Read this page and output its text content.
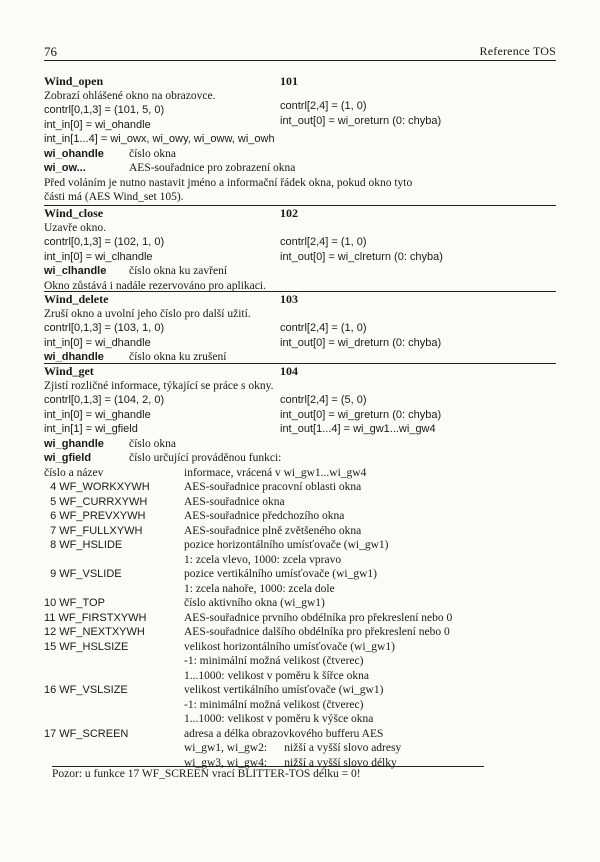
76	Reference TOS
Wind_open	101
Zobrazí ohlášené okno na obrazovce.
contrl[0,1,3] = (101, 5, 0)	contrl[2,4] = (1, 0)
int_in[0] = wi_ohandle	int_out[0] = wi_oreturn (0: chyba)
int_in[1...4] = wi_owx, wi_owy, wi_oww, wi_owh
wi_ohandle číslo okna
wi_ow...	AES-souřadnice pro zobrazení okna
Před voláním je nutno nastavit jméno a informační řádek okna, pokud okno tyto
části má (AES Wind_set 105).
Wind_close	102
Uzavře okno.
contrl[0,1,3] = (102, 1, 0)	contrl[2,4] = (1, 0)
int_in[0] = wi_clhandle	int_out[0] = wi_clreturn (0: chyba)
wi_clhandle číslo okna ku zavření
Okno zůstává i nadále rezervováno pro aplikaci.
Wind_delete	103
Zruší okno a uvolní jeho číslo pro další užití.
contrl[0,1,3] = (103, 1, 0)	contrl[2,4] = (1, 0)
int_in[0] = wi_dhandle	int_out[0] = wi_dreturn (0: chyba)
wi_dhandle číslo okna ku zrušení
Wind_get	104
Zjistí rozličné informace, týkající se práce s okny.
contrl[0,1,3] = (104, 2, 0)	contrl[2,4] = (5, 0)
int_in[0] = wi_ghandle	int_out[0] = wi_greturn (0: chyba)
int_in[1] = wi_gfield	int_out[1...4] = wi_gw1...wi_gw4
wi_ghandle číslo okna
wi_gfield	číslo určující prováděnou funkci:
číslo a název	informace, vrácená v wi_gw1...wi_gw4
4 WF_WORKXYWH	AES-souřadnice pracovní oblasti okna
5 WF_CURRXYWH	AES-souřadnice okna
6 WF_PREVXYWH	AES-souřadnice předchozího okna
7 WF_FULLXYWH	AES-souřadnice plně zvětšeného okna
8 WF_HSLIDE	pozice horizontálního umísťovače (wi_gw1)
1: zcela vlevo, 1000: zcela vpravo
9 WF_VSLIDE	pozice vertikálního umísťovače (wi_gw1)
1: zcela nahoře, 1000: zcela dole
10 WF_TOP	číslo aktivního okna (wi_gw1)
11 WF_FIRSTXYWH	AES-souřadnice prvního obdélníka pro překreslení nebo 0
12 WF_NEXTXYWH	AES-souřadnice dalšího obdélníka pro překreslení nebo 0
15 WF_HSLSIZE	velikost horizontálního umísťovače (wi_gw1)
-1: minimální možná velikost (čtverec)
1...1000: velikost v poměru k šířce okna
16 WF_VSLSIZE	velikost vertikálního umísťovače (wi_gw1)
-1: minimální možná velikost (čtverec)
1...1000: velikost v poměru k výšce okna
17 WF_SCREEN	adresa a délka obrazovkového bufferu AES
wi_gw1, wi_gw2:      nižší a vyšší slovo adresy
wi_gw3, wi_gw4:      nižší a vyšší slovo délky
Pozor: u funkce 17 WF_SCREEN vrací BLITTER-TOS délku = 0!
